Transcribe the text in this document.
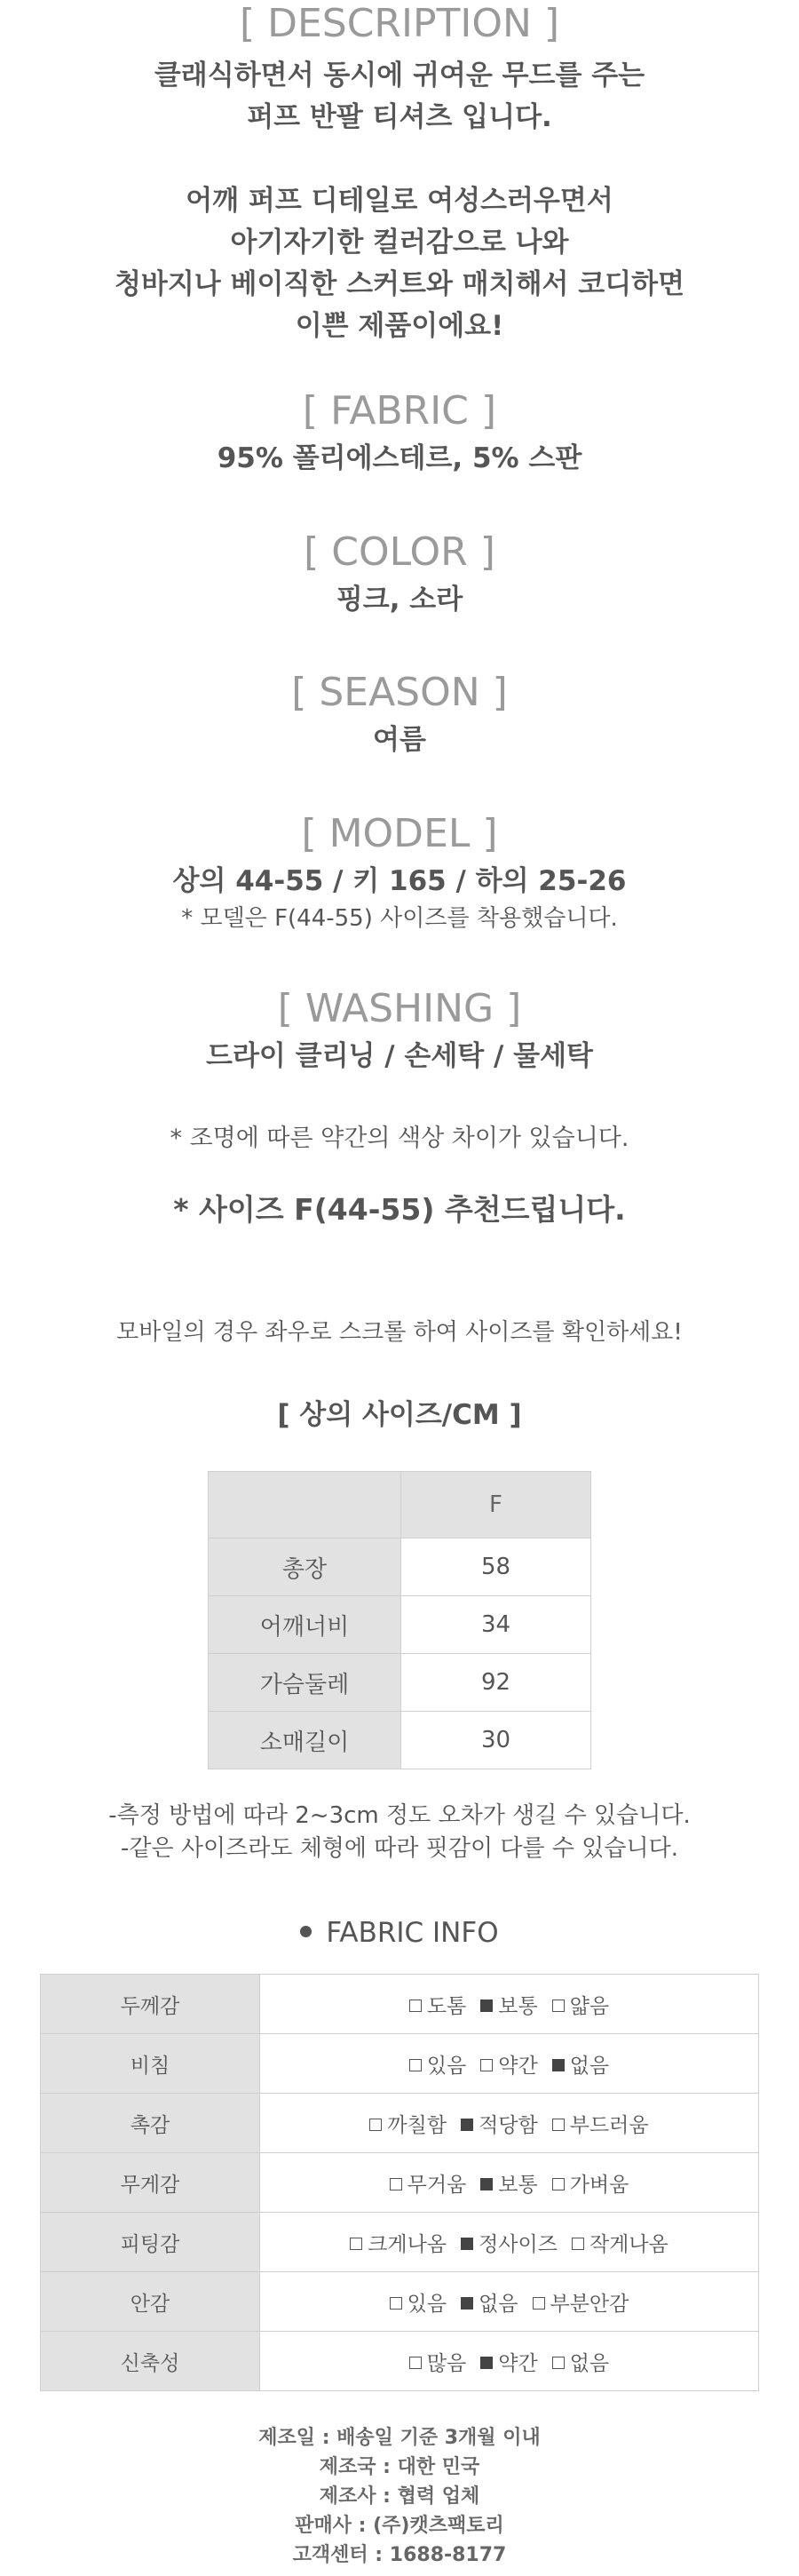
[ DESCRIPTION ]

클래식하면서 동시에 귀여운 무드를 주는

퍼프 반팔 티셔츠 입니다.

어깨 퍼프 디테일로 여성스러우면서

아기자기한 컬러감으로 나와

청바지나 베이직한 스커트와 매치해서 코디하면

이쁜 제품이에요!

[ FABRIC ]

95% 폴리에스테르, 5% 스판

[ COLOR ]

핑크, 소라

[ SEASON ]

여름

[ MODEL ]

상의 44-55 / 키 165 / 하의 25-26

* 모델은 F(44-55) 사이즈를 착용했습니다.

[ WASHING ]

드라이 클리닝 / 손세탁 / 물세탁

* 조명에 따른 약간의 색상 차이가 있습니다.

* 사이즈 F(44-55) 추천드립니다.

모바일의 경우 좌우로 스크롤 하여 사이즈를 확인하세요!

[ 상의 사이즈/CM ]

	F
총장	58
어깨너비	34
가슴둘레	92
소매길이	30

-측정 방법에 따라 2~3cm 정도 오차가 생길 수 있습니다.

-같은 사이즈라도 체형에 따라 핏감이 다를 수 있습니다.

FABRIC INFO

두께감	도톰 보통 얇음
비침	있음 약간 없음
촉감	까칠함 적당함 부드러움
무게감	무거움 보통 가벼움
피팅감	크게나옴 정사이즈 작게나옴
안감	있음 없음 부분안감
신축성	많음 약간 없음

제조일 : 배송일 기준 3개월 이내

제조국 : 대한 민국

제조사 : 협력 업체

판매사 : (주)캣츠팩토리

고객센터 : 1688-8177
